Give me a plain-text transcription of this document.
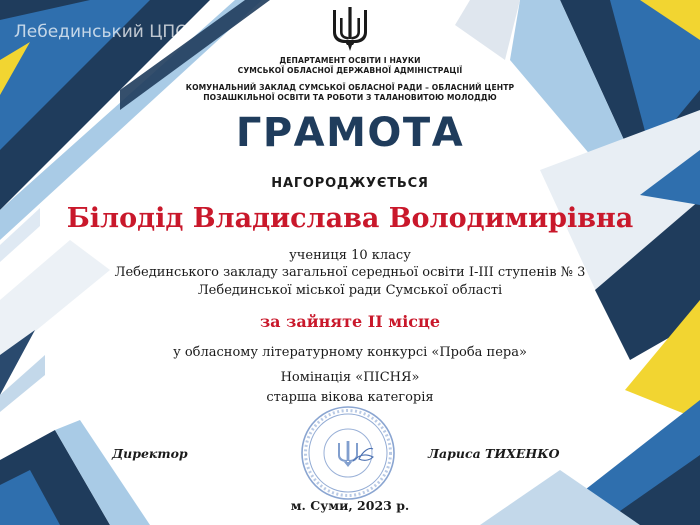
Лебединський ЦПО
ДЕПАРТАМЕНТ ОСВІТИ І НАУКИ
СУМСЬКОЇ ОБЛАСНОЇ ДЕРЖАВНОЇ АДМІНІСТРАЦІЇ
КОМУНАЛЬНИЙ ЗАКЛАД СУМСЬКОЇ ОБЛАСНОЇ РАДИ – ОБЛАСНИЙ ЦЕНТР
ПОЗАШКІЛЬНОЇ ОСВІТИ ТА РОБОТИ З ТАЛАНОВИТОЮ МОЛОДДЮ
ГРАМОТА
НАГОРОДЖУЄТЬСЯ
Білодід Владислава Володимирівна
учениця 10 класу
Лебединського закладу загальної середньої освіти І-ІІІ ступенів № 3
Лебединської міської ради Сумської області
за зайняте ІІ місце
у обласному літературному конкурсі «Проба пера»
Номінація «ПІСНЯ»
старша вікова категорія
Директор	Лариса ТИХЕНКО
м. Суми, 2023 р.
